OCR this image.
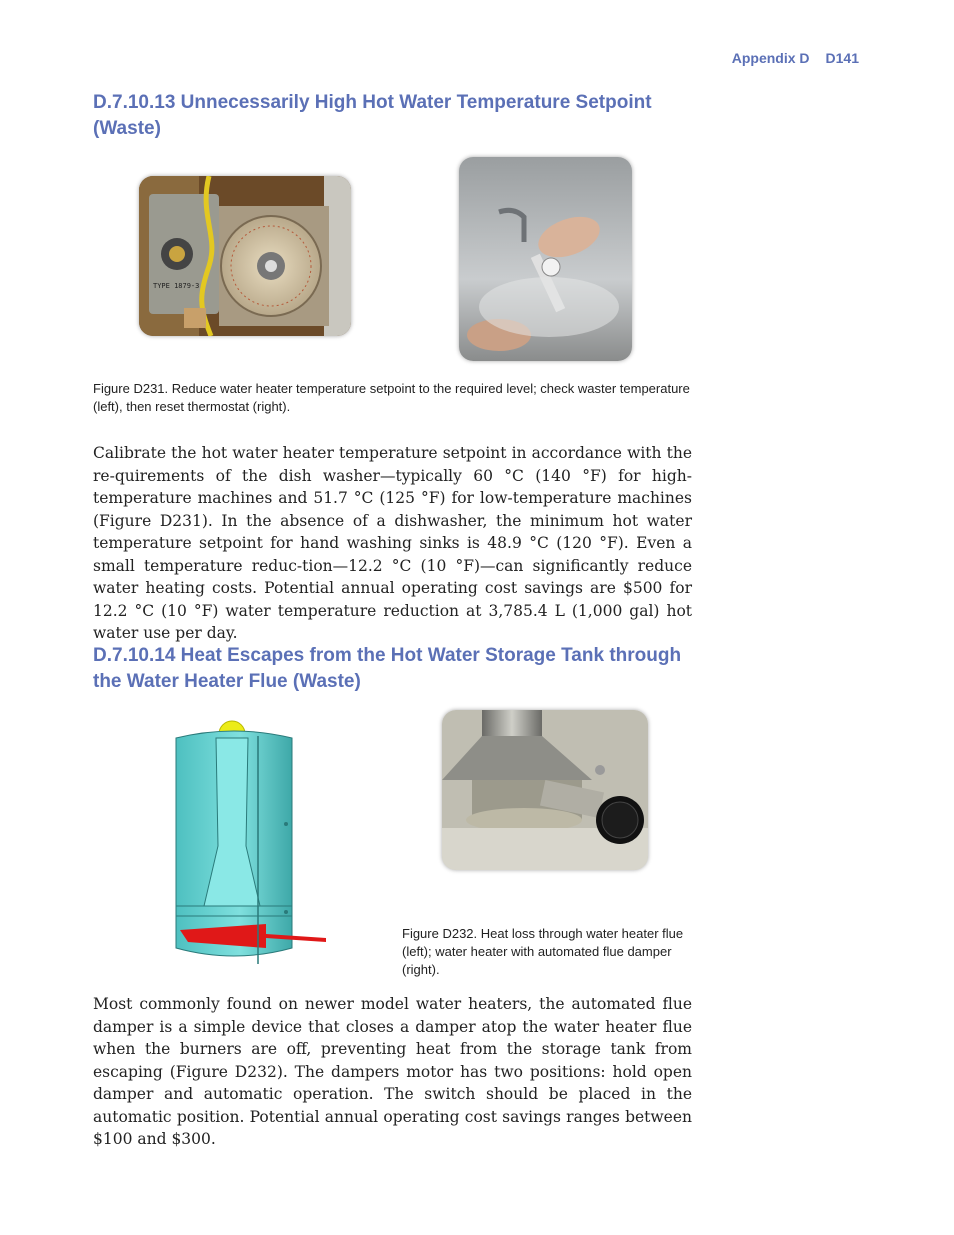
Appendix D D141
D.7.10.13 Unnecessarily High Hot Water Temperature Setpoint (Waste)
TYPE 1879-3
Figure D231. Reduce water heater temperature setpoint to the required level; check waster temperature (left), then reset thermostat (right).
Calibrate the hot water heater temperature setpoint in accordance with the re-quirements of the dish washer—typically 60 °C (140 °F) for high-temperature machines and 51.7 °C (125 °F) for low-temperature machines (Figure D231). In the absence of a dishwasher, the minimum hot water temperature setpoint for hand washing sinks is 48.9 °C (120 °F). Even a small temperature reduc-tion—12.2 °C (10 °F)—can significantly reduce water heating costs. Potential annual operating cost savings are $500 for 12.2 °C (10 °F) water temperature reduction at 3,785.4 L (1,000 gal) hot water use per day.
D.7.10.14 Heat Escapes from the Hot Water Storage Tank through the Water Heater Flue (Waste)
Figure D232. Heat loss through water heater flue (left); water heater with automated flue damper (right).
Most commonly found on newer model water heaters, the automated flue damper is a simple device that closes a damper atop the water heater flue when the burners are off, preventing heat from the storage tank from escaping (Figure D232). The dampers motor has two positions: hold open damper and automatic operation. The switch should be placed in the automatic position. Potential annual operating cost savings ranges between $100 and $300.
